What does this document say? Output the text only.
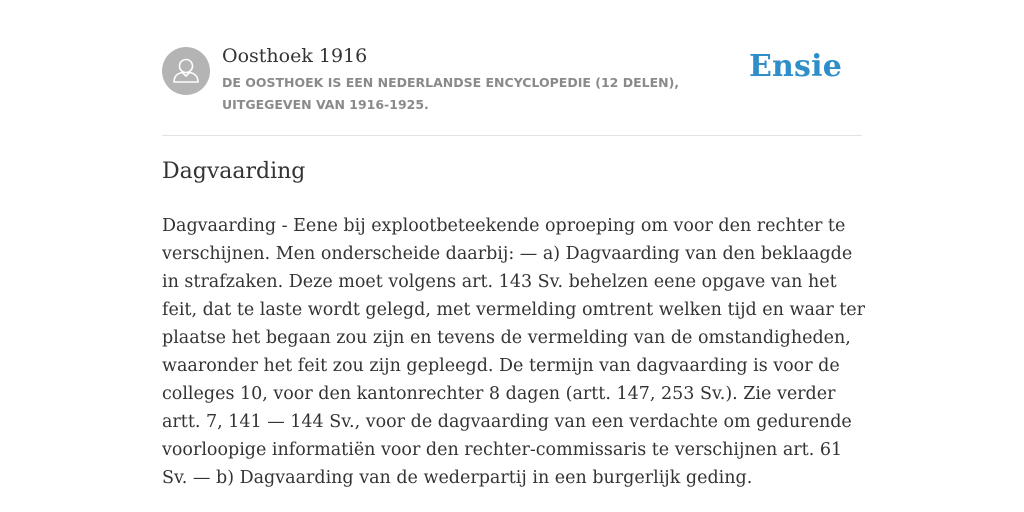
Oosthoek 1916
DE OOSTHOEK IS EEN NEDERLANDSE ENCYCLOPEDIE (12 DELEN), UITGEGEVEN VAN 1916-1925.
Ensie
Dagvaarding

Dagvaarding - Eene bij explootbeteekende oproeping om voor den rechter te verschijnen. Men onderscheide daarbij: — a) Dagvaarding van den beklaagde in strafzaken. Deze moet volgens art. 143 Sv. behelzen eene opgave van het feit, dat te laste wordt gelegd, met vermelding omtrent welken tijd en waar ter plaatse het begaan zou zijn en tevens de vermelding van de omstandigheden, waaronder het feit zou zijn gepleegd. De termijn van dagvaarding is voor de colleges 10, voor den kantonrechter 8 dagen (artt. 147, 253 Sv.). Zie verder artt. 7, 141 — 144 Sv., voor de dagvaarding van een verdachte om gedurende voorloopige informatiën voor den rechter-commissaris te verschijnen art. 61 Sv. — b) Dagvaarding van de wederpartij in een burgerlijk geding.
